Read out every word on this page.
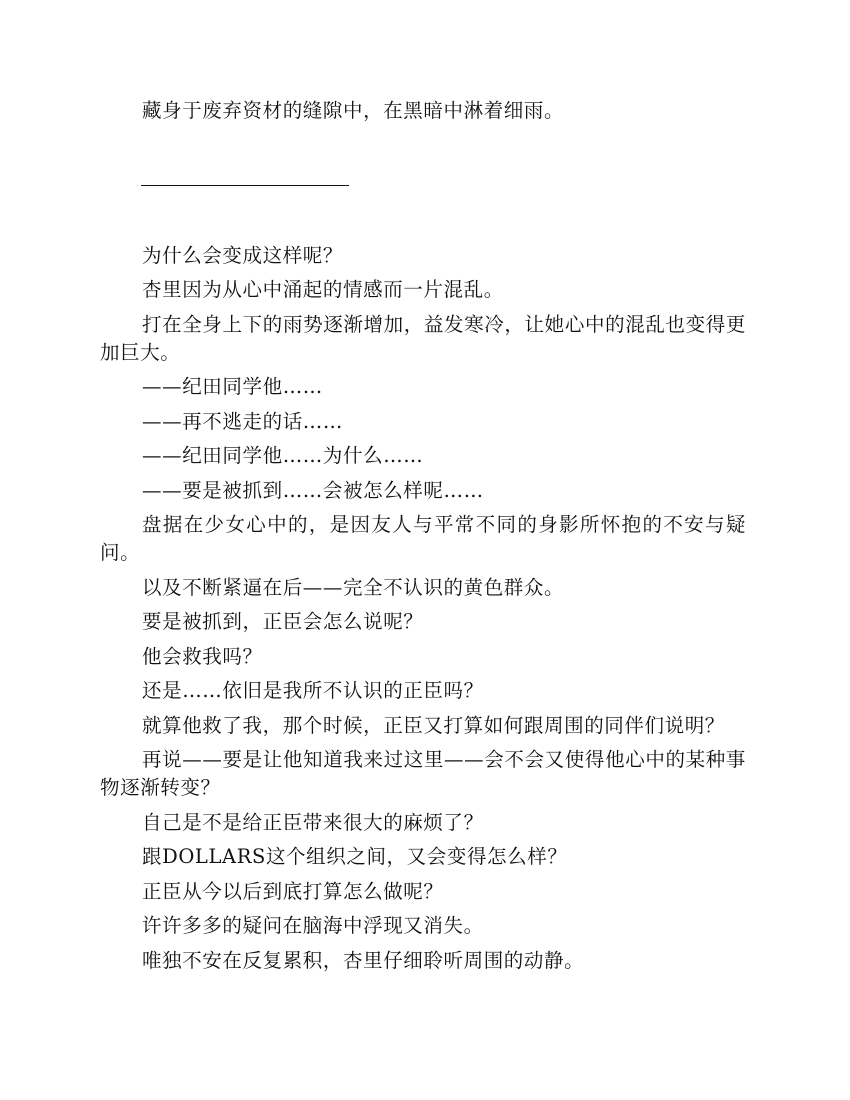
藏身于废弃资材的缝隙中，在黑暗中淋着细雨。

为什么会变成这样呢？

杏里因为从心中涌起的情感而一片混乱。

打在全身上下的雨势逐渐增加，益发寒冷，让她心中的混乱也变得更加巨大。

——纪田同学他……

——再不逃走的话……

——纪田同学他……为什么……

——要是被抓到……会被怎么样呢……

盘据在少女心中的，是因友人与平常不同的身影所怀抱的不安与疑问。

以及不断紧逼在后——完全不认识的黄色群众。

要是被抓到，正臣会怎么说呢？

他会救我吗？

还是……依旧是我所不认识的正臣吗？

就算他救了我，那个时候，正臣又打算如何跟周围的同伴们说明？

再说——要是让他知道我来过这里——会不会又使得他心中的某种事物逐渐转变？

自己是不是给正臣带来很大的麻烦了？

跟DOLLARS这个组织之间，又会变得怎么样？

正臣从今以后到底打算怎么做呢？

许许多多的疑问在脑海中浮现又消失。

唯独不安在反复累积，杏里仔细聆听周围的动静。
